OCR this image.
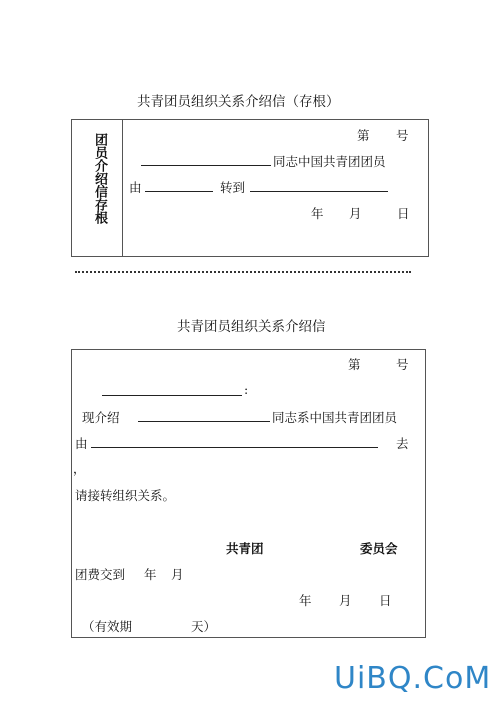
共青团员组织关系介绍信（存根）
团员介绍信存根	第 号
同志中国共青团团员
由	转到
年 月	日
共青团员组织关系介绍信
第	号
:
现介绍	同志系中国共青团团员
由	去
，
请接转组织关系。
共青团	委员会
团费交到 年 月
年 月 日
（有效期	天）
UiBQ.CoM
